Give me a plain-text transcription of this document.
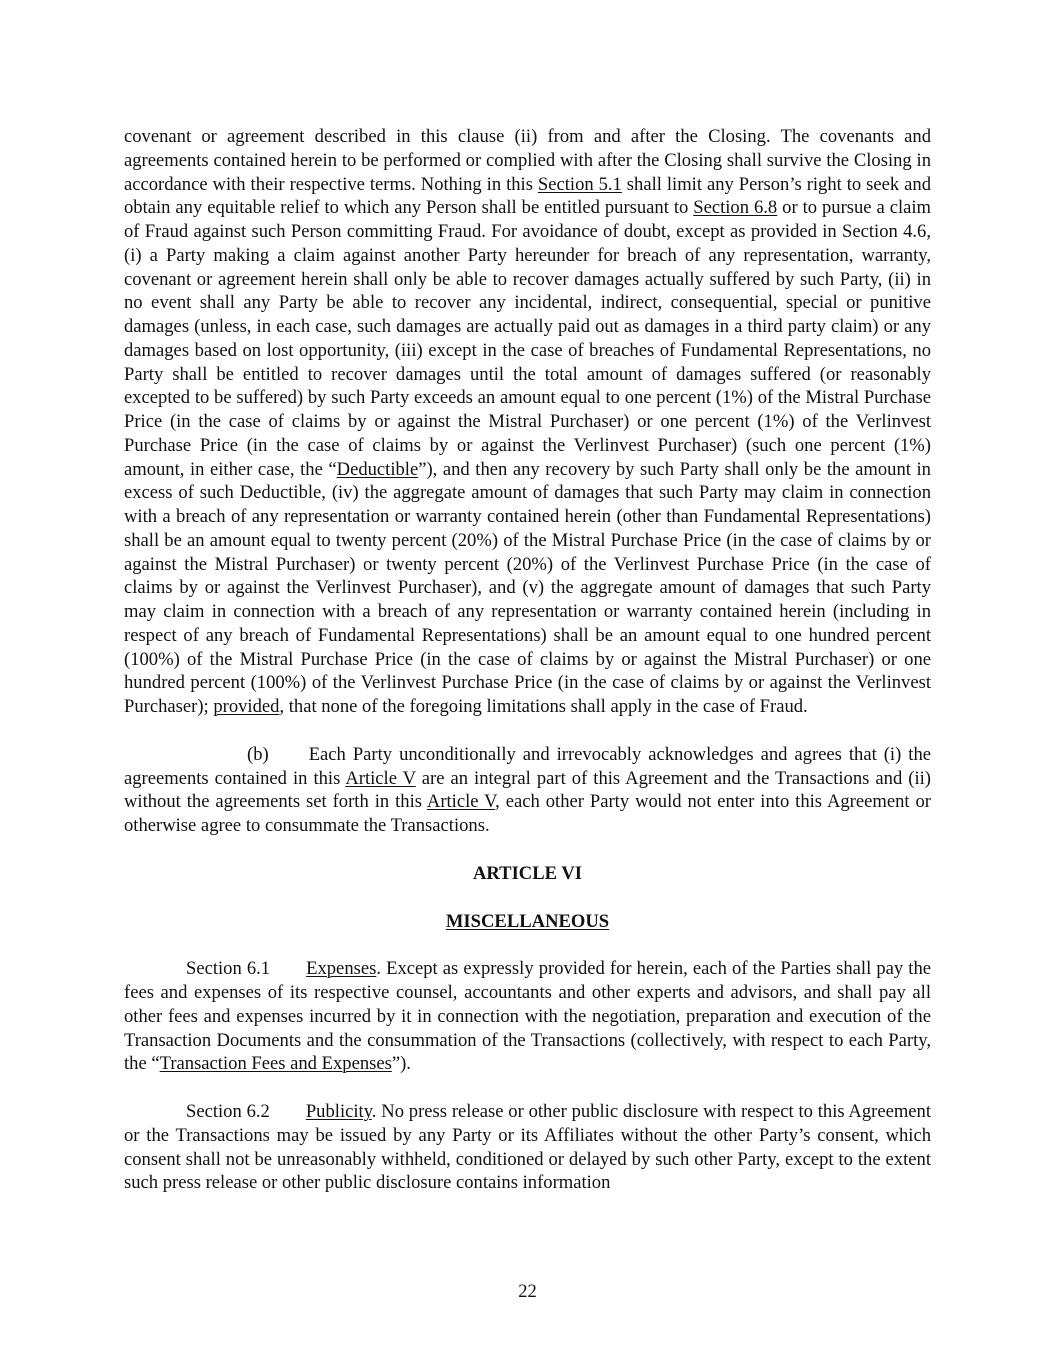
covenant or agreement described in this clause (ii) from and after the Closing. The covenants and agreements contained herein to be performed or complied with after the Closing shall survive the Closing in accordance with their respective terms. Nothing in this Section 5.1 shall limit any Person’s right to seek and obtain any equitable relief to which any Person shall be entitled pursuant to Section 6.8 or to pursue a claim of Fraud against such Person committing Fraud. For avoidance of doubt, except as provided in Section 4.6, (i) a Party making a claim against another Party hereunder for breach of any representation, warranty, covenant or agreement herein shall only be able to recover damages actually suffered by such Party, (ii) in no event shall any Party be able to recover any incidental, indirect, consequential, special or punitive damages (unless, in each case, such damages are actually paid out as damages in a third party claim) or any damages based on lost opportunity, (iii) except in the case of breaches of Fundamental Representations, no Party shall be entitled to recover damages until the total amount of damages suffered (or reasonably excepted to be suffered) by such Party exceeds an amount equal to one percent (1%) of the Mistral Purchase Price (in the case of claims by or against the Mistral Purchaser) or one percent (1%) of the Verlinvest Purchase Price (in the case of claims by or against the Verlinvest Purchaser) (such one percent (1%) amount, in either case, the “Deductible”), and then any recovery by such Party shall only be the amount in excess of such Deductible, (iv) the aggregate amount of damages that such Party may claim in connection with a breach of any representation or warranty contained herein (other than Fundamental Representations) shall be an amount equal to twenty percent (20%) of the Mistral Purchase Price (in the case of claims by or against the Mistral Purchaser) or twenty percent (20%) of the Verlinvest Purchase Price (in the case of claims by or against the Verlinvest Purchaser), and (v) the aggregate amount of damages that such Party may claim in connection with a breach of any representation or warranty contained herein (including in respect of any breach of Fundamental Representations) shall be an amount equal to one hundred percent (100%) of the Mistral Purchase Price (in the case of claims by or against the Mistral Purchaser) or one hundred percent (100%) of the Verlinvest Purchase Price (in the case of claims by or against the Verlinvest Purchaser); provided, that none of the foregoing limitations shall apply in the case of Fraud.

(b) Each Party unconditionally and irrevocably acknowledges and agrees that (i) the agreements contained in this Article V are an integral part of this Agreement and the Transactions and (ii) without the agreements set forth in this Article V, each other Party would not enter into this Agreement or otherwise agree to consummate the Transactions.

ARTICLE VI

MISCELLANEOUS

Section 6.1 Expenses. Except as expressly provided for herein, each of the Parties shall pay the fees and expenses of its respective counsel, accountants and other experts and advisors, and shall pay all other fees and expenses incurred by it in connection with the negotiation, preparation and execution of the Transaction Documents and the consummation of the Transactions (collectively, with respect to each Party, the “Transaction Fees and Expenses”).

Section 6.2 Publicity. No press release or other public disclosure with respect to this Agreement or the Transactions may be issued by any Party or its Affiliates without the other Party’s consent, which consent shall not be unreasonably withheld, conditioned or delayed by such other Party, except to the extent such press release or other public disclosure contains information

22
